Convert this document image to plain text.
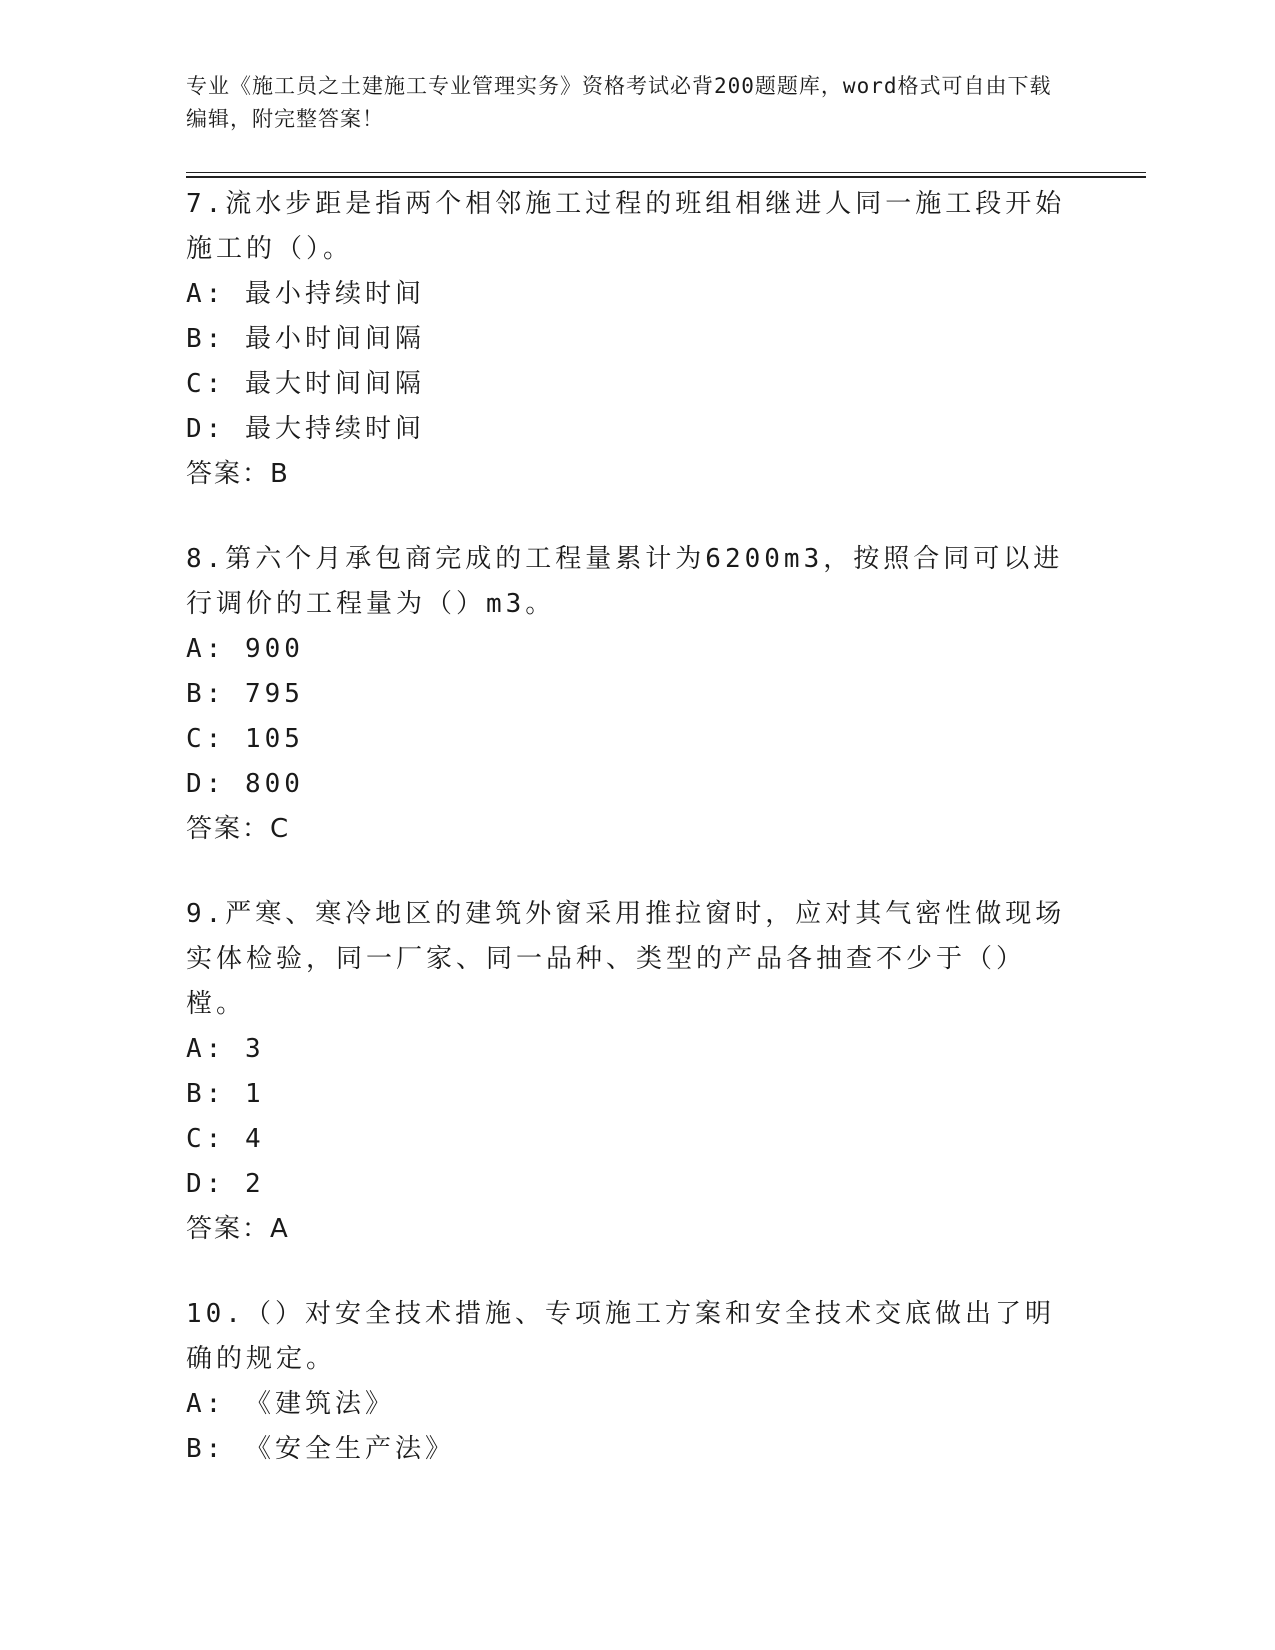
专业《施工员之土建施工专业管理实务》资格考试必背200题题库，word格式可自由下载编辑，附完整答案！

7.流水步距是指两个相邻施工过程的班组相继进人同一施工段开始施工的（）。

A: 最小持续时间
B: 最小时间间隔
C: 最大时间间隔
D: 最大持续时间
答案：B

8.第六个月承包商完成的工程量累计为6200m3，按照合同可以进行调价的工程量为（）m3。

A: 900
B: 795
C: 105
D: 800
答案：C

9.严寒、寒冷地区的建筑外窗采用推拉窗时，应对其气密性做现场实体检验，同一厂家、同一品种、类型的产品各抽查不少于（）樘。

A: 3
B: 1
C: 4
D: 2
答案：A

10.（）对安全技术措施、专项施工方案和安全技术交底做出了明确的规定。

A: 《建筑法》
B: 《安全生产法》
